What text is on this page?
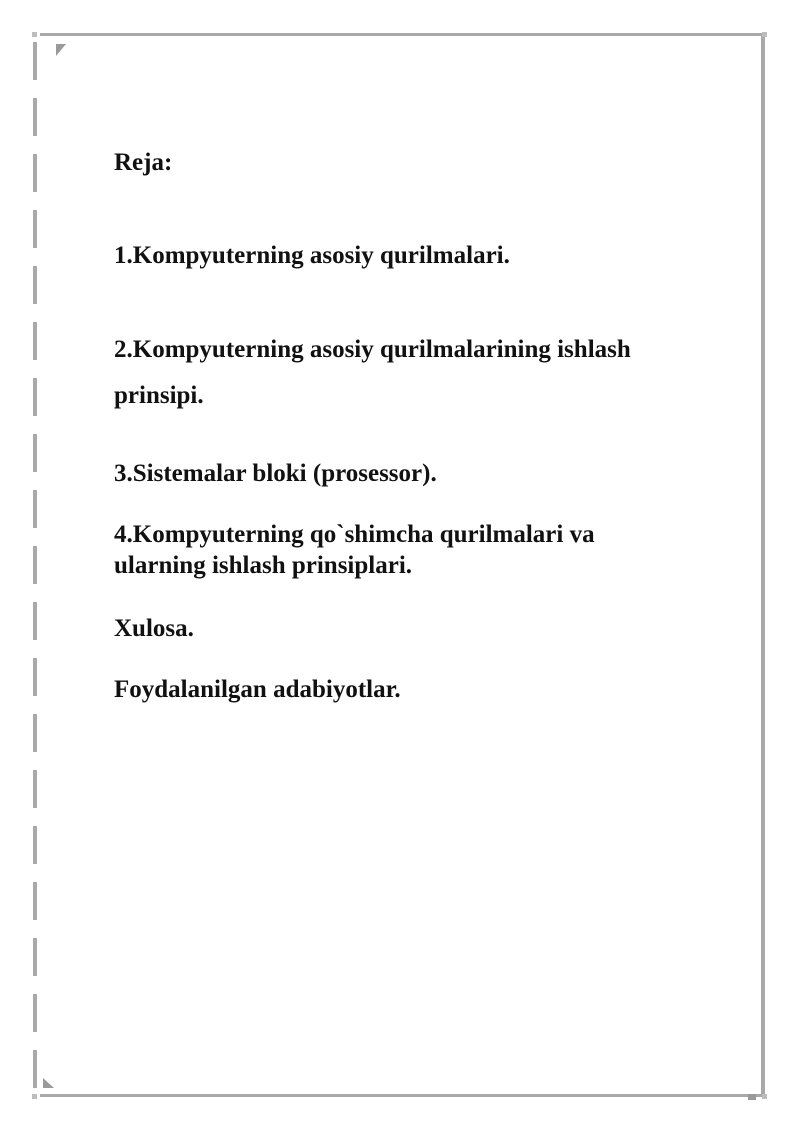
Reja:

1.Kompyuterning asosiy qurilmalari.

2.Kompyuterning asosiy qurilmalarining ishlash

prinsipi.

3.Sistemalar bloki (prosessor).

4.Kompyuterning qo`shimcha qurilmalari va

ularning ishlash prinsiplari.

Xulosa.

Foydalanilgan adabiyotlar.
